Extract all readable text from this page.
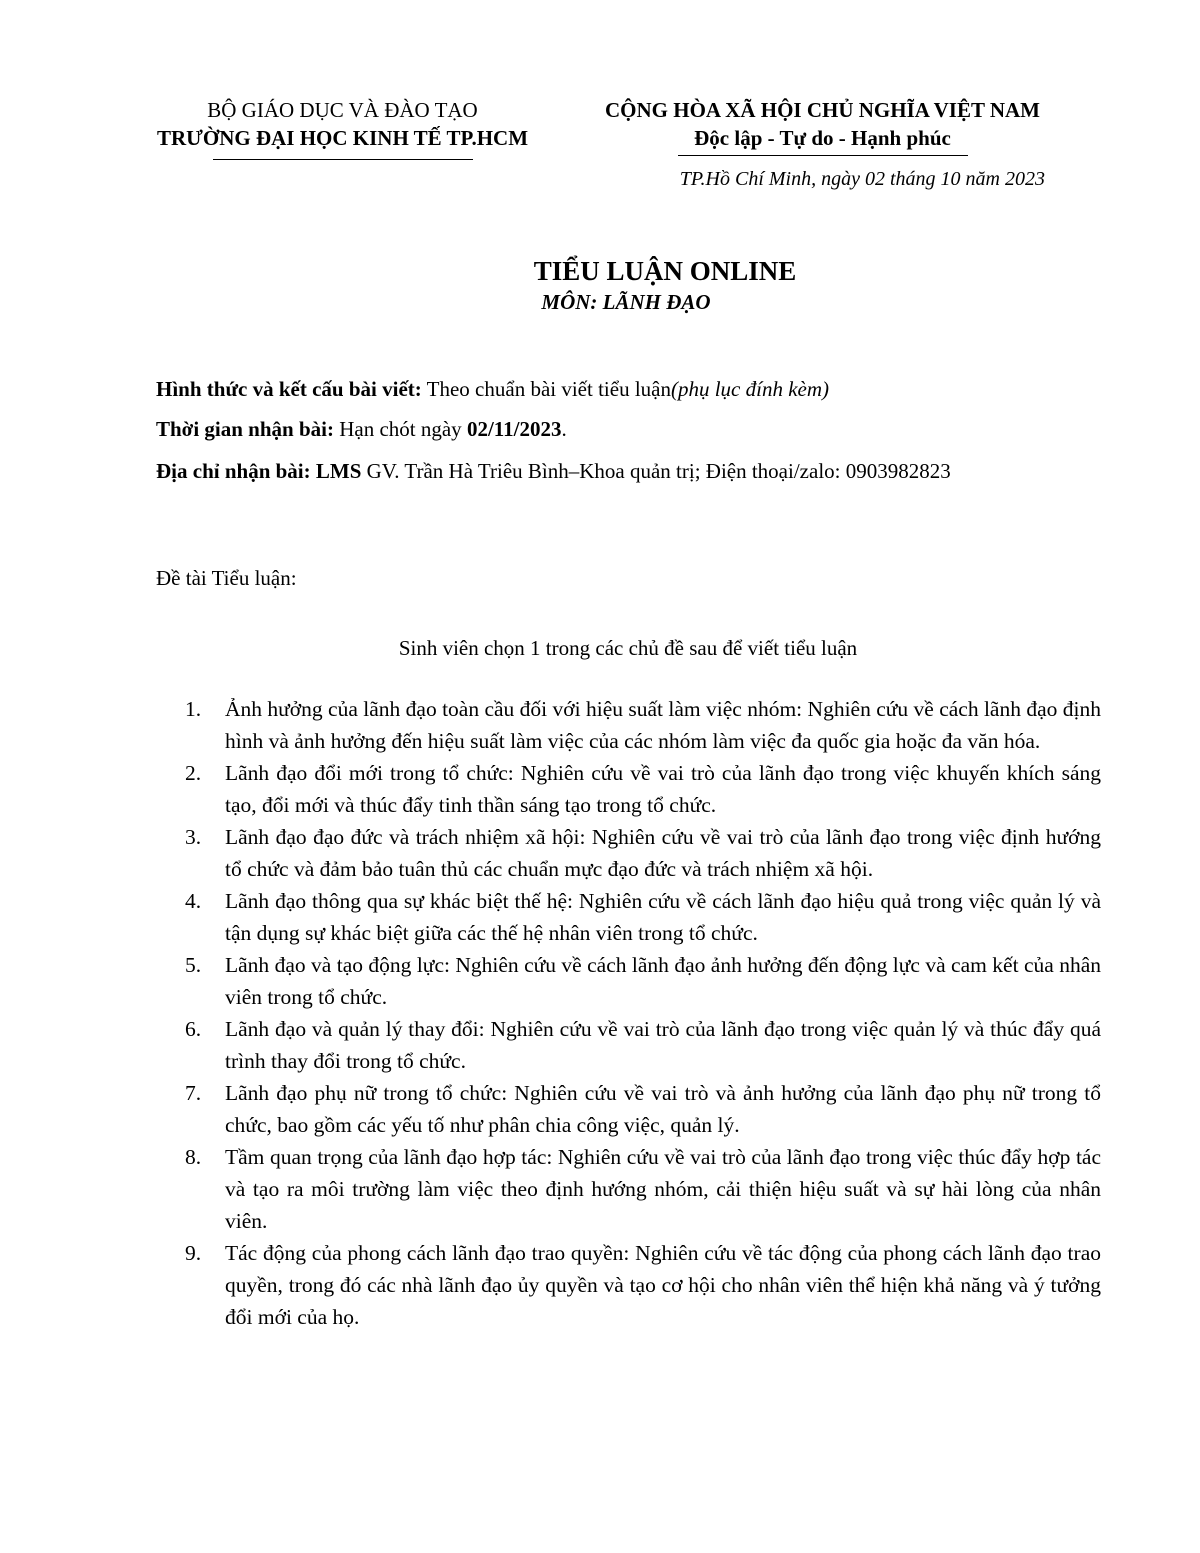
BỘ GIÁO DỤC VÀ ĐÀO TẠO
TRƯỜNG ĐẠI HỌC KINH TẾ TP.HCM
CỘNG HÒA XÃ HỘI CHỦ NGHĨA VIỆT NAM
Độc lập - Tự do - Hạnh phúc
TP.Hồ Chí Minh, ngày 02 tháng 10 năm 2023
TIỂU LUẬN ONLINE
MÔN: LÃNH ĐẠO
Hình thức và kết cấu bài viết: Theo chuẩn bài viết tiểu luận(phụ lục đính kèm)
Thời gian nhận bài: Hạn chót ngày 02/11/2023.
Địa chỉ nhận bài: LMS GV. Trần Hà Triêu Bình–Khoa quản trị; Điện thoại/zalo: 0903982823
Đề tài Tiểu luận:
Sinh viên chọn 1 trong các chủ đề sau để viết tiểu luận
1.	Ảnh hưởng của lãnh đạo toàn cầu đối với hiệu suất làm việc nhóm: Nghiên cứu về cách lãnh đạo định hình và ảnh hưởng đến hiệu suất làm việc của các nhóm làm việc đa quốc gia hoặc đa văn hóa.
2.	Lãnh đạo đổi mới trong tổ chức: Nghiên cứu về vai trò của lãnh đạo trong việc khuyến khích sáng tạo, đổi mới và thúc đẩy tinh thần sáng tạo trong tổ chức.
3.	Lãnh đạo đạo đức và trách nhiệm xã hội: Nghiên cứu về vai trò của lãnh đạo trong việc định hướng tổ chức và đảm bảo tuân thủ các chuẩn mực đạo đức và trách nhiệm xã hội.
4.	Lãnh đạo thông qua sự khác biệt thế hệ: Nghiên cứu về cách lãnh đạo hiệu quả trong việc quản lý và tận dụng sự khác biệt giữa các thế hệ nhân viên trong tổ chức.
5.	Lãnh đạo và tạo động lực: Nghiên cứu về cách lãnh đạo ảnh hưởng đến động lực và cam kết của nhân viên trong tổ chức.
6.	Lãnh đạo và quản lý thay đổi: Nghiên cứu về vai trò của lãnh đạo trong việc quản lý và thúc đẩy quá trình thay đổi trong tổ chức.
7.	Lãnh đạo phụ nữ trong tổ chức: Nghiên cứu về vai trò và ảnh hưởng của lãnh đạo phụ nữ trong tổ chức, bao gồm các yếu tố như phân chia công việc, quản lý.
8.	Tầm quan trọng của lãnh đạo hợp tác: Nghiên cứu về vai trò của lãnh đạo trong việc thúc đẩy hợp tác và tạo ra môi trường làm việc theo định hướng nhóm, cải thiện hiệu suất và sự hài lòng của nhân viên.
9.	Tác động của phong cách lãnh đạo trao quyền: Nghiên cứu về tác động của phong cách lãnh đạo trao quyền, trong đó các nhà lãnh đạo ủy quyền và tạo cơ hội cho nhân viên thể hiện khả năng và ý tưởng đổi mới của họ.
